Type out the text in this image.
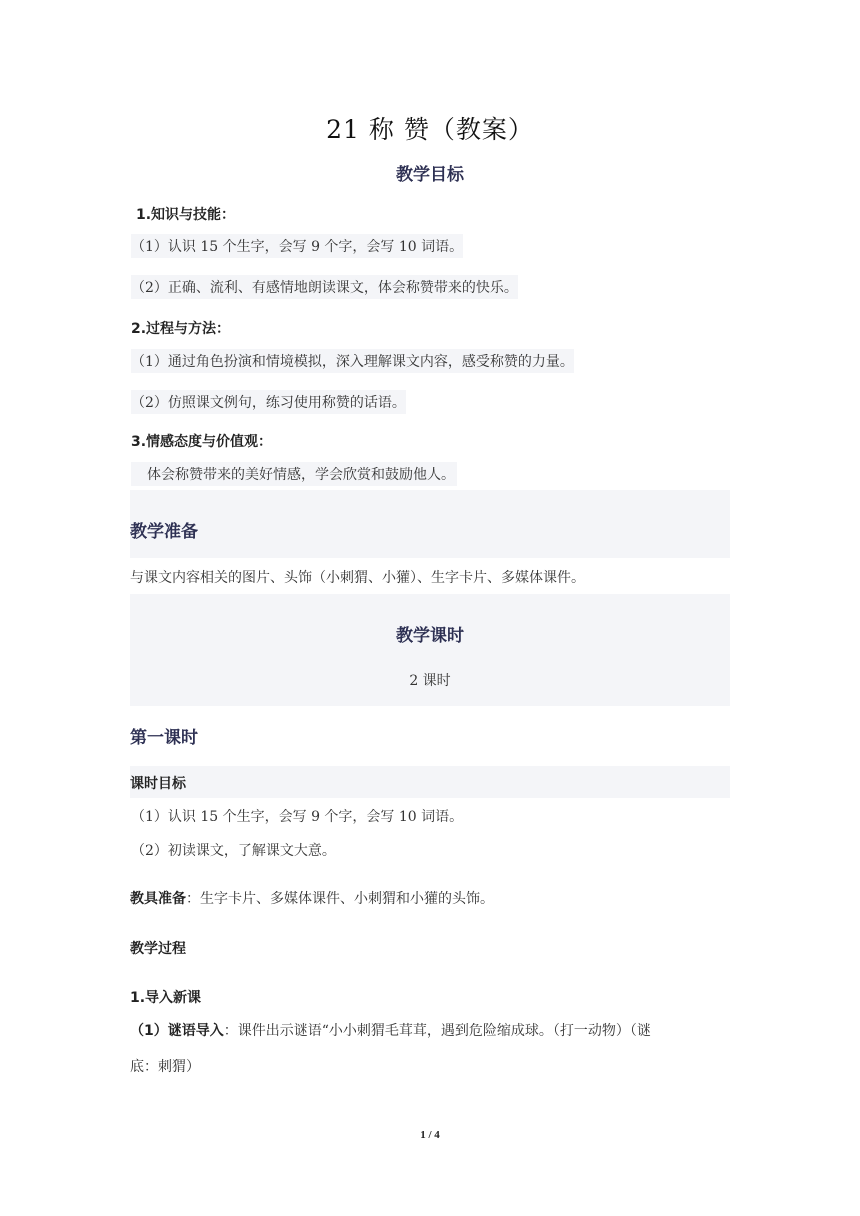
21 称 赞（教案）
教学目标
1.知识与技能：
（1）认识 15 个生字，会写 9 个字，会写 10 词语。
（2）正确、流利、有感情地朗读课文，体会称赞带来的快乐。
2.过程与方法：
（1）通过角色扮演和情境模拟，深入理解课文内容，感受称赞的力量。
（2）仿照课文例句，练习使用称赞的话语。
3.情感态度与价值观：
体会称赞带来的美好情感，学会欣赏和鼓励他人。
教学准备
与课文内容相关的图片、头饰（小刺猬、小獾）、生字卡片、多媒体课件。
教学课时
2 课时
第一课时
课时目标
（1）认识 15 个生字，会写 9 个字，会写 10 词语。
（2）初读课文，了解课文大意。
教具准备：生字卡片、多媒体课件、小刺猬和小獾的头饰。
教学过程
1.导入新课
（1）谜语导入：课件出示谜语“小小刺猬毛茸茸，遇到危险缩成球。（打一动物）（谜
底：刺猬）
1 / 4
